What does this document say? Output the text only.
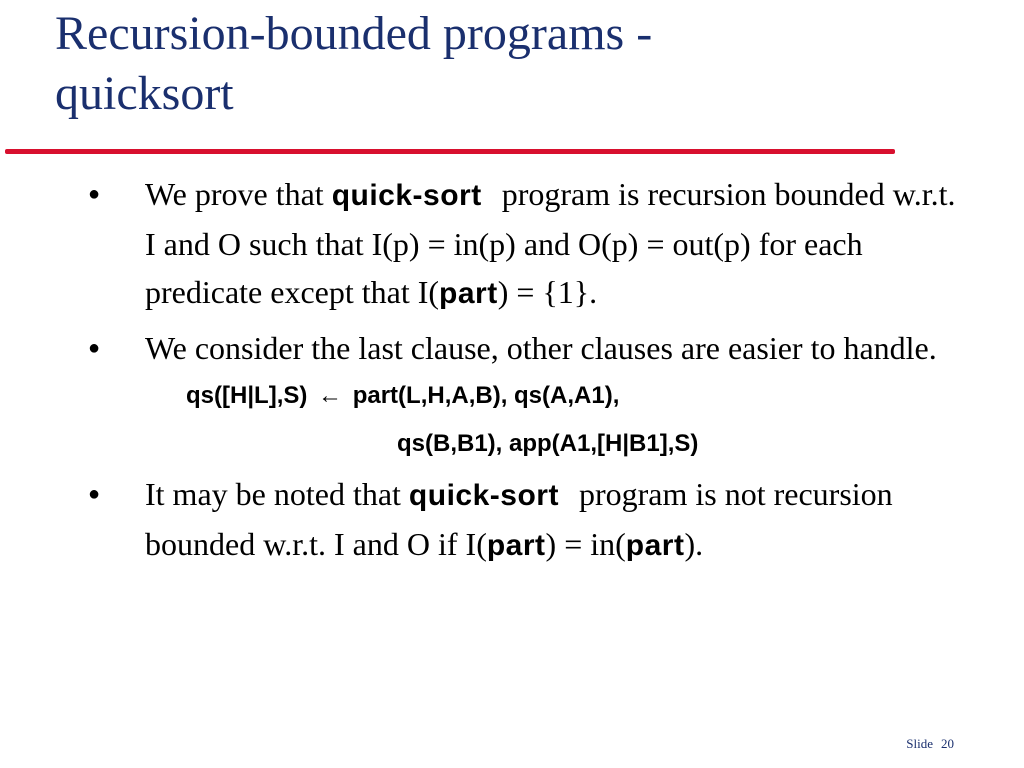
Recursion-bounded programs -
quicksort
● We prove that quick-sort program is recursion bounded w.r.t. I and O such that I(p) = in(p) and O(p) = out(p) for each predicate except that I(part) = {1}.
● We consider the last clause, other clauses are easier to handle.
qs([H|L],S) ← part(L,H,A,B), qs(A,A1),
qs(B,B1), app(A1,[H|B1],S)
● It may be noted that quick-sort program is not recursion bounded w.r.t. I and O if I(part) = in(part).
Slide 20
